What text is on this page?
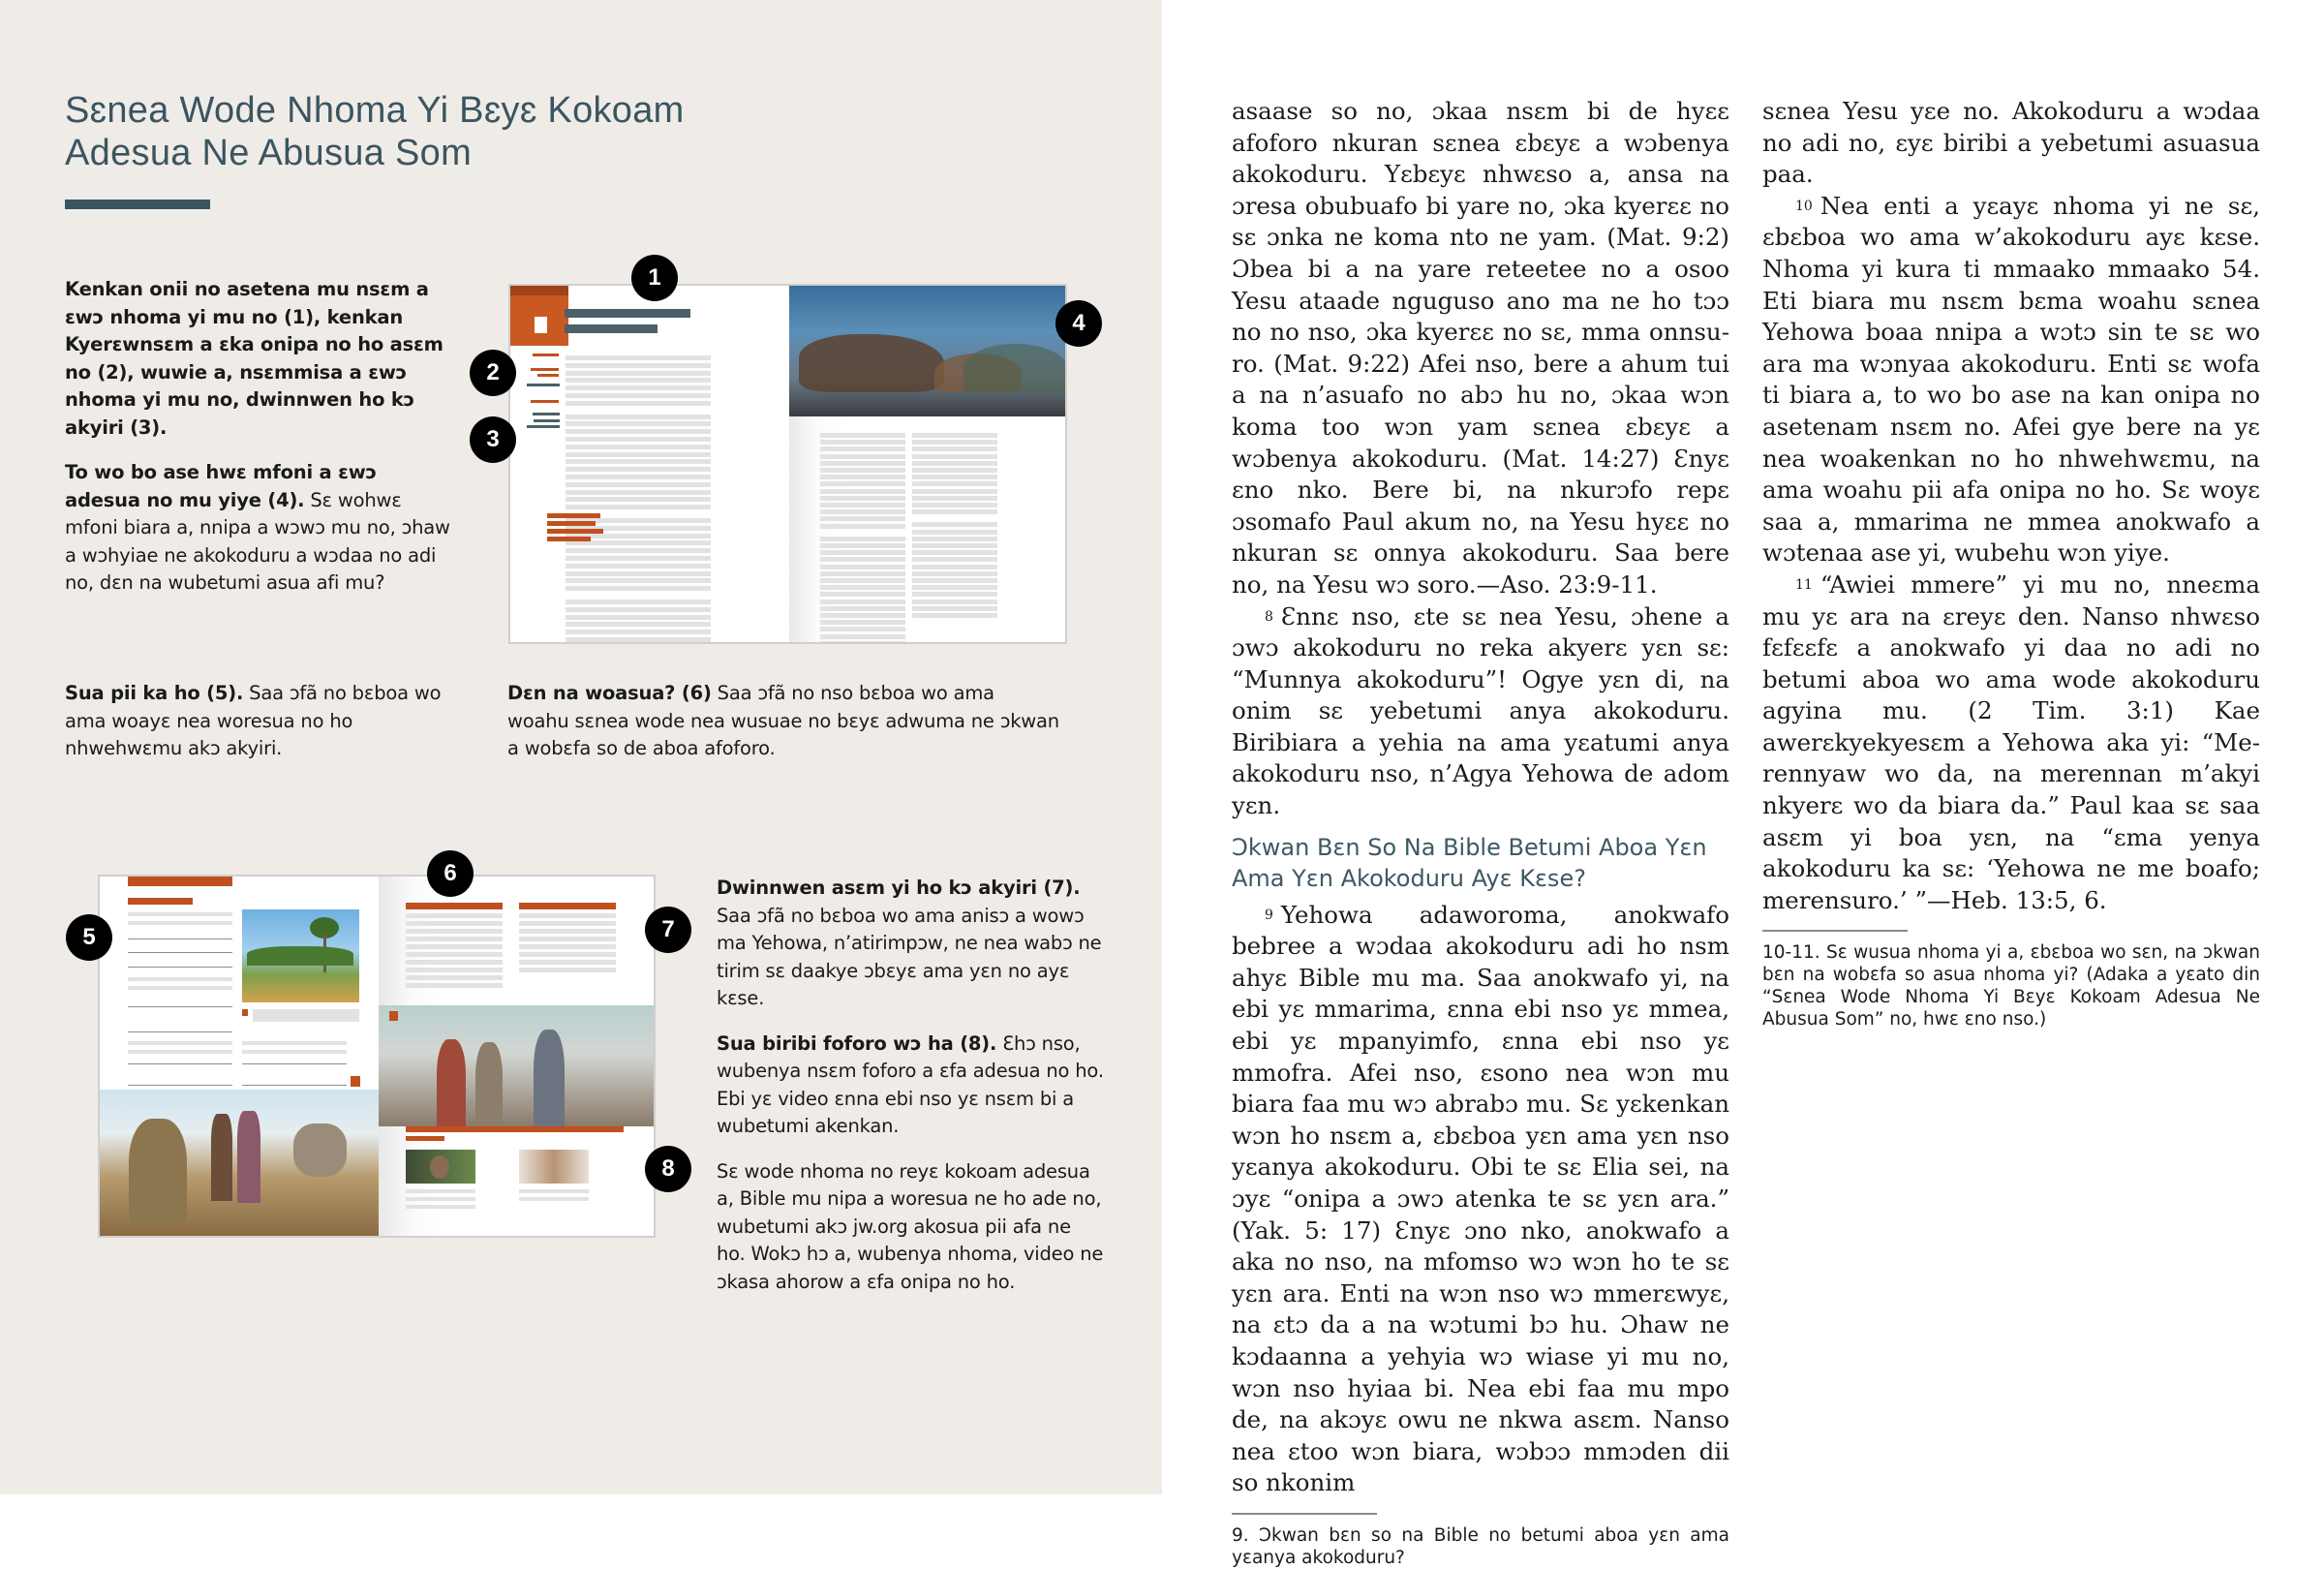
Sɛnea Wode Nhoma Yi Bɛyɛ Kokoam
Adesua Ne Abusua Som

Kenkan onii no asetena mu nsɛm a ɛwɔ nhoma yi mu no (1), kenkan Kyerɛwnsɛm a ɛka onipa no ho asɛm no (2), wuwie a, nsɛmmisa a ɛwɔ nhoma yi mu no, dwinnwen ho kɔ akyiri (3).

To wo bo ase hwɛ mfoni a ɛwɔ adesua no mu yiye (4). Sɛ wohwɛ mfoni biara a, nnipa a wɔwɔ mu no, ɔhaw a wɔhyiae ne akokoduru a wɔdaa no adi no, dɛn na wubetumi asua afi mu?

1
2
3
4

Sua pii ka ho (5). Saa ɔfã no bɛboa wo ama woayɛ nea woresua no ho nhwehwɛmu akɔ akyiri.

Dɛn na woasua? (6) Saa ɔfã no nso bɛboa wo ama woahu sɛnea wode nea wusuae no bɛyɛ adwuma ne ɔkwan a wobɛfa so de aboa afoforo.

5
6
7
8

Dwinnwen asɛm yi ho kɔ akyiri (7). Saa ɔfã no bɛboa wo ama anisɔ a wowɔ ma Yehowa, n’atirimpɔw, ne nea wabɔ ne tirim sɛ daakye ɔbɛyɛ ama yɛn no ayɛ kɛse.

Sua biribi foforo wɔ ha (8). Ɛhɔ nso, wubenya nsɛm foforo a ɛfa adesua no ho. Ebi yɛ video ɛnna ebi nso yɛ nsɛm bi a wubetumi akenkan.

Sɛ wode nhoma no reyɛ kokoam adesua a, Bible mu nipa a woresua ne ho ade no, wubetumi akɔ jw.org akosua pii afa ne ho. Wokɔ hɔ a, wubenya nhoma, video ne ɔkasa ahorow a ɛfa onipa no ho.

asaase so no, ɔkaa nsɛm bi de hyɛɛ afoforo nkuran sɛnea ɛbɛyɛ a wɔbenya akokoduru. Yɛbɛyɛ nhwɛso a, ansa na ɔresa obubuafo bi yare no, ɔka kyerɛɛ no sɛ ɔnka ne koma nto ne yam. (Mat. 9:2) Ɔbea bi a na yare reteetee no a osoo Yesu ataade nguguso ano ma ne ho tɔɔ no no nso, ɔka kyerɛɛ no sɛ, mma onnsuro. (Mat. 9:22) Afei nso, bere a ahum tui a na n’asuafo no abɔ hu no, ɔkaa wɔn koma too wɔn yam sɛnea ɛbɛyɛ a wɔbenya akokoduru. (Mat. 14:27) Ɛnyɛ ɛno nko. Bere bi, na nkurɔfo repɛ ɔsomafo Paul akum no, na Yesu hyɛɛ no nkuran sɛ onnya akokoduru. Saa bere no, na Yesu wɔ soro.—Aso. 23:9-11.

8 Ɛnnɛ nso, ɛte sɛ nea Yesu, ɔhene a ɔwɔ akokoduru no reka akyerɛ yɛn sɛ: “Munnya akokoduru”! Ogye yɛn di, na onim sɛ yebetumi anya akokoduru. Biribiara a yehia na ama yɛatumi anya akokoduru nso, n’Agya Yehowa de adom yɛn.

Ɔkwan Bɛn So Na Bible Betumi Aboa Yɛn Ama Yɛn Akokoduru Ayɛ Kɛse?

9 Yehowa adaworoma, anokwafo bebree a wɔdaa akokoduru adi ho nsm ahyɛ Bible mu ma. Saa anokwafo yi, na ebi yɛ mmarima, ɛnna ebi nso yɛ mmea, ebi yɛ mpanyimfo, ɛnna ebi nso yɛ mmofra. Afei nso, ɛsono nea wɔn mu biara faa mu wɔ abrabɔ mu. Sɛ yɛkenkan wɔn ho nsɛm a, ɛbɛboa yɛn ama yɛn nso yɛanya akokoduru. Obi te sɛ Elia sei, na ɔyɛ “onipa a ɔwɔ atenka te sɛ yɛn ara.” (Yak. 5: 17) Ɛnyɛ ɔno nko, anokwafo a aka no nso, na mfomso wɔ wɔn ho te sɛ yɛn ara. Enti na wɔn nso wɔ mmerɛwyɛ, na ɛtɔ da a na wɔtumi bɔ hu. Ɔhaw ne kɔdaanna a yehyia wɔ wiase yi mu no, wɔn nso hyiaa bi. Nea ebi faa mu mpo de, na akɔyɛ owu ne nkwa asɛm. Nanso nea ɛtoo wɔn biara, wɔbɔɔ mmɔden dii so nkonim

9. Ɔkwan bɛn so na Bible no betumi aboa yɛn ama yɛanya akokoduru?

sɛnea Yesu yɛe no. Akokoduru a wɔdaa no adi no, ɛyɛ biribi a yebetumi asuasua paa.

10 Nea enti a yɛayɛ nhoma yi ne sɛ, ɛbɛboa wo ama w’akokoduru ayɛ kɛse. Nhoma yi kura ti mmaako mmaako 54. Eti biara mu nsɛm bɛma woahu sɛnea Yehowa boaa nnipa a wɔtɔ sin te sɛ wo ara ma wɔnyaa akokoduru. Enti sɛ wofa ti biara a, to wo bo ase na kan onipa no asetenam nsɛm no. Afei gye bere na yɛ nea woakenkan no ho nhwehwɛmu, na ama woahu pii afa onipa no ho. Sɛ woyɛ saa a, mmarima ne mmea anokwafo a wɔtenaa ase yi, wubehu wɔn yiye.

11 “Awiei mmere” yi mu no, nneɛma mu yɛ ara na ɛreyɛ den. Nanso nhwɛso fɛfɛɛfɛ a anokwafo yi daa no adi no betumi aboa wo ama wode akokoduru agyina mu. (2 Tim. 3:1) Kae awerɛkyekyesɛm a Yehowa aka yi: “Merennyaw wo da, na merennan m’akyi nkyerɛ wo da biara da.” Paul kaa sɛ saa asɛm yi boa yɛn, na “ɛma yenya akokoduru ka sɛ: ‘Yehowa ne me boafo; merensuro.’ ”—Heb. 13:5, 6.

10-11. Sɛ wusua nhoma yi a, ɛbɛboa wo sɛn, na ɔkwan bɛn na wobɛfa so asua nhoma yi? (Adaka a yɛato din “Sɛnea Wode Nhoma Yi Bɛyɛ Kokoam Adesua Ne Abusua Som” no, hwɛ ɛno nso.)
